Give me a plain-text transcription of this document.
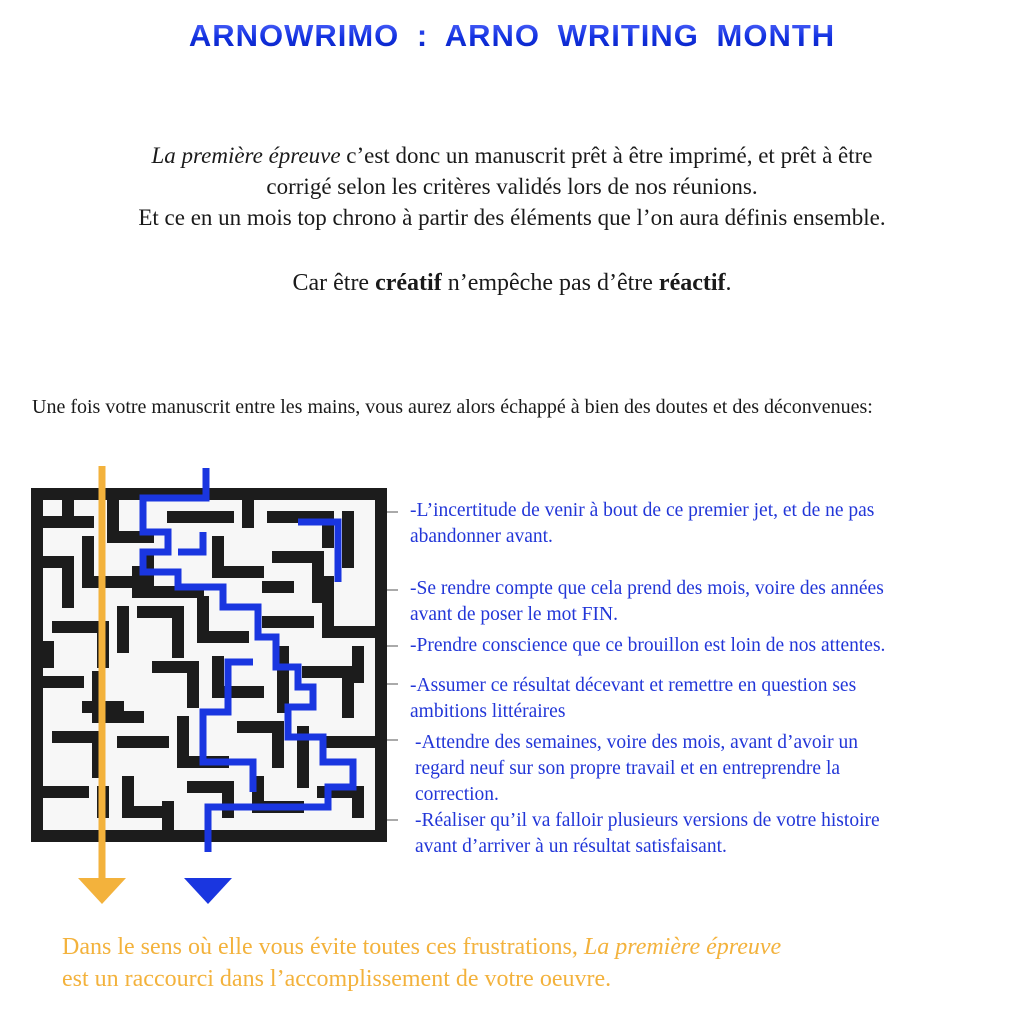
ARNOWRIMO : ARNO WRITING MONTH

La première épreuve c’est donc un manuscrit prêt à être imprimé, et prêt à être

corrigé selon les critères validés lors de nos réunions.

Et ce en un mois top chrono à partir des éléments que l’on aura définis ensemble.

Car être créatif n’empêche pas d’être réactif.
Une fois votre manuscrit entre les mains, vous aurez alors échappé à bien des doutes et des déconvenues:
-L’incertitude de venir à bout de ce premier jet, et de ne pas
abandonner avant.
-Se rendre compte que cela prend des mois, voire des années
avant de poser le mot FIN.
-Prendre conscience que ce brouillon est loin de nos attentes.
-Assumer ce résultat décevant et remettre en question ses
ambitions littéraires
-Attendre des semaines, voire des mois, avant d’avoir un
regard neuf sur son propre travail et en entreprendre la
correction.
-Réaliser qu’il va falloir plusieurs versions de votre histoire
avant d’arriver à un résultat satisfaisant.
Dans le sens où elle vous évite toutes ces frustrations, La première épreuve
est un raccourci dans l’accomplissement de votre oeuvre.
